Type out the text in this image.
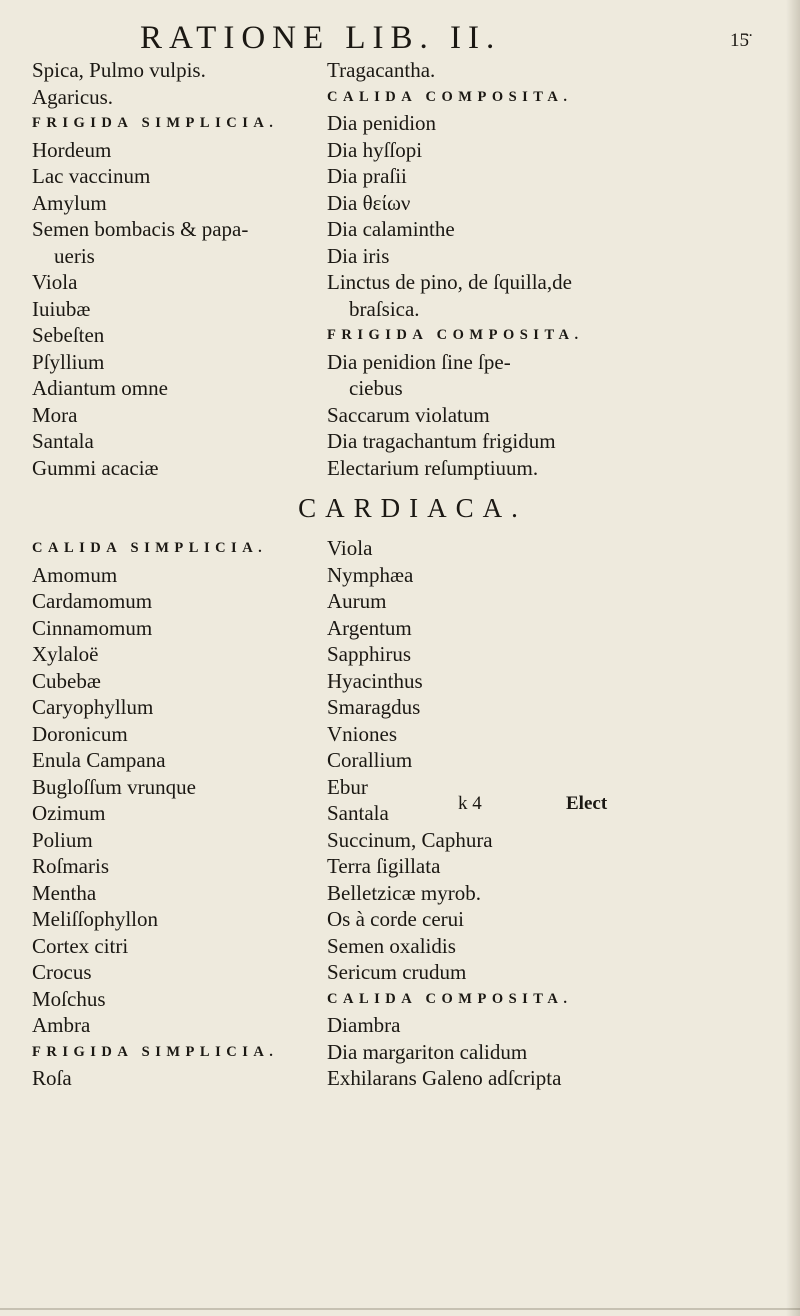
RATIONE LIB. II.	15̈
Spica, Pulmo vulpis.
Agaricus.
FRIGIDA SIMPLICIA.
Hordeum
Lac vaccinum
Amylum
Semen bombacis & papa-
ueris
Viola
Iuiubæ
Sebeſten
Pſyllium
Adiantum omne
Mora
Santala
Gummi acaciæ
Tragacantha.
CALIDA COMPOSITA.
Dia penidion
Dia hyſſopi
Dia praſii
Dia θείων
Dia calaminthe
Dia iris
Linctus de pino, de ſquilla,de
braſsica.
FRIGIDA COMPOSITA.
Dia penidion ſine ſpe-
ciebus
Saccarum violatum
Dia tragachantum frigidum
Electarium reſumptiuum.
CARDIACA.
CALIDA SIMPLICIA.
Amomum
Cardamomum
Cinnamomum
Xylaloë
Cubebæ
Caryophyllum
Doronicum
Enula Campana
Bugloſſum vrunque
Ozimum
Polium
Roſmaris
Mentha
Meliſſophyllon
Cortex citri
Crocus
Moſchus
Ambra
FRIGIDA SIMPLICIA.
Roſa
Viola
Nymphæa
Aurum
Argentum
Sapphirus
Hyacinthus
Smaragdus
Vniones
Corallium
Ebur
Santala
Succinum, Caphura
Terra ſigillata
Belletzicæ myrob.
Os à corde cerui
Semen oxalidis
Sericum crudum
CALIDA COMPOSITA.
Diambra
Dia margariton calidum
Exhilarans Galeno adſcripta
k 4	Elect
